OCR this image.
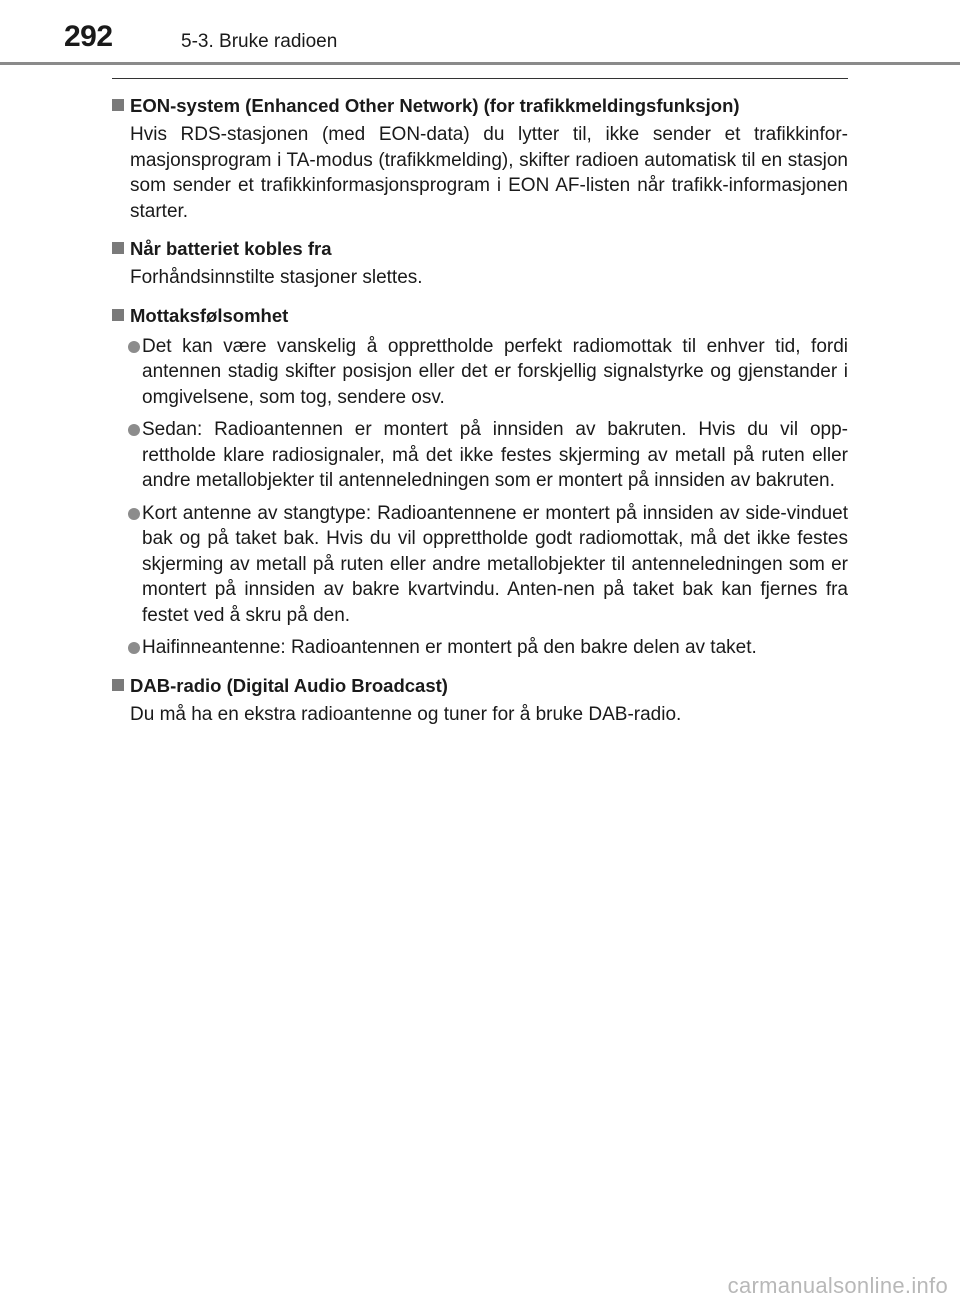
292	5-3. Bruke radioen
EON-system (Enhanced Other Network) (for trafikkmeldingsfunksjon)
Hvis RDS-stasjonen (med EON-data) du lytter til, ikke sender et trafikkinfor-masjonsprogram i TA-modus (trafikkmelding), skifter radioen automatisk til en stasjon som sender et trafikkinformasjonsprogram i EON AF-listen når trafikk-informasjonen starter.
Når batteriet kobles fra
Forhåndsinnstilte stasjoner slettes.
Mottaksfølsomhet
Det kan være vanskelig å opprettholde perfekt radiomottak til enhver tid, fordi antennen stadig skifter posisjon eller det er forskjellig signalstyrke og gjenstander i omgivelsene, som tog, sendere osv.
Sedan: Radioantennen er montert på innsiden av bakruten. Hvis du vil opp-rettholde klare radiosignaler, må det ikke festes skjerming av metall på ruten eller andre metallobjekter til antenneledningen som er montert på innsiden av bakruten.
Kort antenne av stangtype: Radioantennene er montert på innsiden av side-vinduet bak og på taket bak. Hvis du vil opprettholde godt radiomottak, må det ikke festes skjerming av metall på ruten eller andre metallobjekter til antenneledningen som er montert på innsiden av bakre kvartvindu. Anten-nen på taket bak kan fjernes fra festet ved å skru på den.
Haifinneantenne: Radioantennen er montert på den bakre delen av taket.
DAB-radio (Digital Audio Broadcast)
Du må ha en ekstra radioantenne og tuner for å bruke DAB-radio.
carmanualsonline.info
